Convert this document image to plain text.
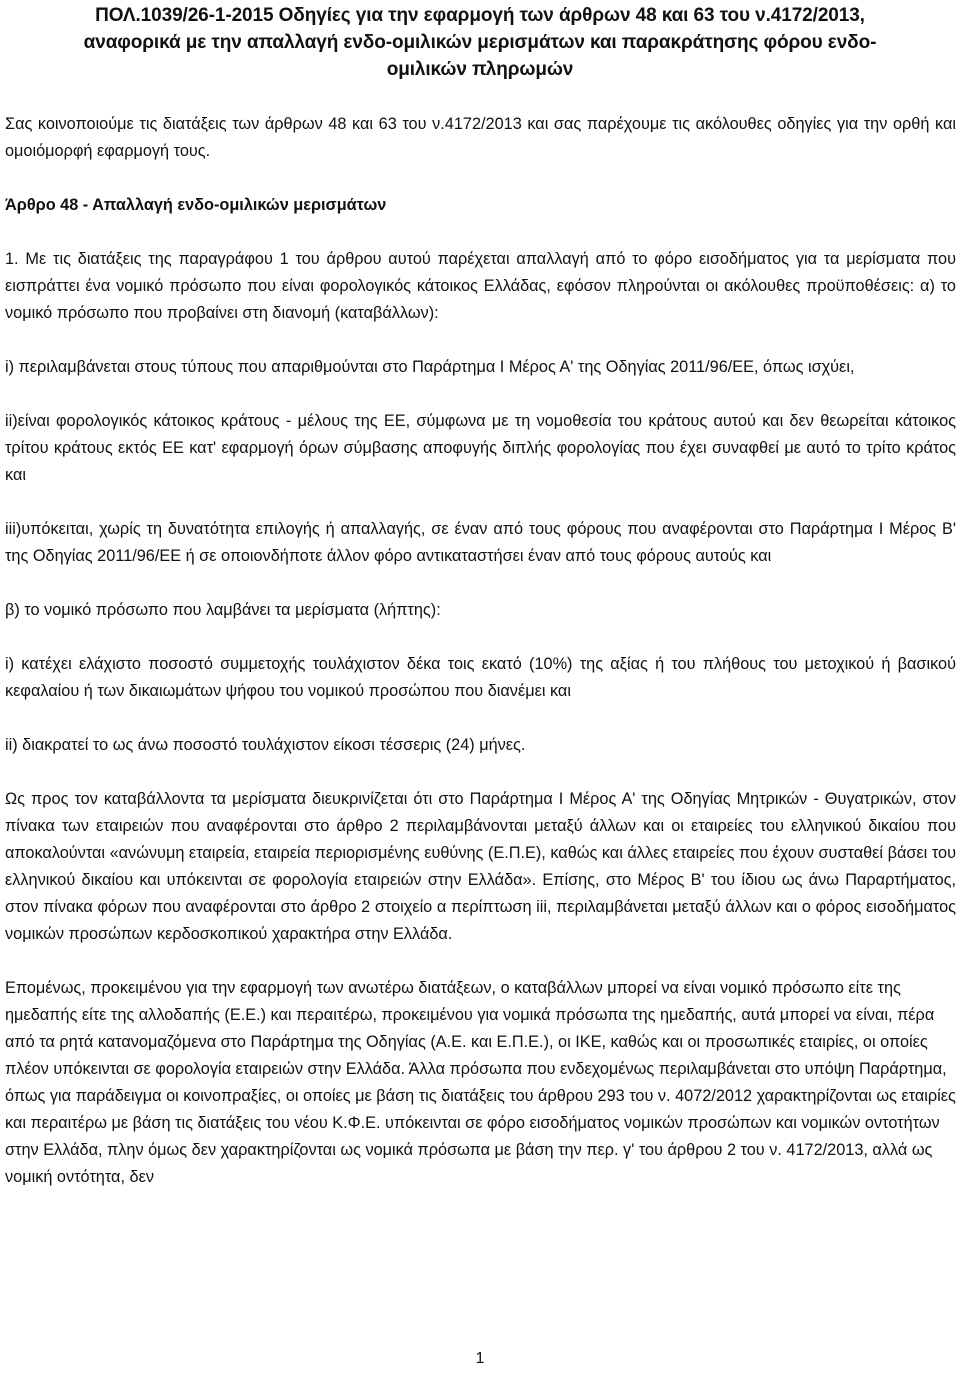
ΠΟΛ.1039/26-1-2015 Οδηγίες για την εφαρμογή των άρθρων 48 και 63 του ν.4172/2013,
αναφορικά με την απαλλαγή ενδο-ομιλικών μερισμάτων και παρακράτησης φόρου ενδο-
ομιλικών πληρωμών

Σας κοινοποιούμε τις διατάξεις των άρθρων 48 και 63 του ν.4172/2013 και σας παρέχουμε τις ακόλουθες οδηγίες για την ορθή και ομοιόμορφή εφαρμογή τους.

Άρθρο 48 - Απαλλαγή ενδο-ομιλικών μερισμάτων

1. Με τις διατάξεις της παραγράφου 1 του άρθρου αυτού παρέχεται απαλλαγή από το φόρο εισοδήματος για τα μερίσματα που εισπράττει ένα νομικό πρόσωπο που είναι φορολογικός κάτοικος Ελλάδας, εφόσον πληρούνται οι ακόλουθες προϋποθέσεις: α) το νομικό πρόσωπο που προβαίνει στη διανομή (καταβάλλων):

i) περιλαμβάνεται στους τύπους που απαριθμούνται στο Παράρτημα Ι Μέρος Α' της Οδηγίας 2011/96/ΕΕ, όπως ισχύει,

ii)είναι φορολογικός κάτοικος κράτους - μέλους της ΕΕ, σύμφωνα με τη νομοθεσία του κράτους αυτού και δεν θεωρείται κάτοικος τρίτου κράτους εκτός ΕΕ κατ' εφαρμογή όρων σύμβασης αποφυγής διπλής φορολογίας που έχει συναφθεί με αυτό το τρίτο κράτος και

iii)υπόκειται, χωρίς τη δυνατότητα επιλογής ή απαλλαγής, σε έναν από τους φόρους που αναφέρονται στο Παράρτημα Ι Μέρος Β' της Οδηγίας 2011/96/ΕΕ ή σε οποιονδήποτε άλλον φόρο αντικαταστήσει έναν από τους φόρους αυτούς και

β) το νομικό πρόσωπο που λαμβάνει τα μερίσματα (λήπτης):

i) κατέχει ελάχιστο ποσοστό συμμετοχής τουλάχιστον δέκα τοις εκατό (10%) της αξίας ή του πλήθους του μετοχικού ή βασικού κεφαλαίου ή των δικαιωμάτων ψήφου του νομικού προσώπου που διανέμει και

ii) διακρατεί το ως άνω ποσοστό τουλάχιστον είκοσι τέσσερις (24) μήνες.

Ως προς τον καταβάλλοντα τα μερίσματα διευκρινίζεται ότι στο Παράρτημα Ι Μέρος Α' της Οδηγίας Μητρικών - Θυγατρικών, στον πίνακα των εταιρειών που αναφέρονται στο άρθρο 2 περιλαμβάνονται μεταξύ άλλων και οι εταιρείες του ελληνικού δικαίου που αποκαλούνται «ανώνυμη εταιρεία, εταιρεία περιορισμένης ευθύνης (Ε.Π.Ε), καθώς και άλλες εταιρείες που έχουν συσταθεί βάσει του ελληνικού δικαίου και υπόκεινται σε φορολογία εταιρειών στην Ελλάδα». Επίσης, στο Μέρος Β' του ίδιου ως άνω Παραρτήματος, στον πίνακα φόρων που αναφέρονται στο άρθρο 2 στοιχείο α περίπτωση iii, περιλαμβάνεται μεταξύ άλλων και ο φόρος εισοδήματος νομικών προσώπων κερδοσκοπικού χαρακτήρα στην Ελλάδα.

Επομένως, προκειμένου για την εφαρμογή των ανωτέρω διατάξεων, ο καταβάλλων μπορεί να είναι νομικό πρόσωπο είτε της ημεδαπής είτε της αλλοδαπής (Ε.Ε.) και περαιτέρω, προκειμένου για νομικά πρόσωπα της ημεδαπής, αυτά μπορεί να είναι, πέρα από τα ρητά κατανομαζόμενα στο Παράρτημα της Οδηγίας (Α.Ε. και Ε.Π.Ε.), οι ΙΚΕ, καθώς και οι προσωπικές εταιρίες, οι οποίες πλέον υπόκεινται σε φορολογία εταιρειών στην Ελλάδα. Άλλα πρόσωπα που ενδεχομένως περιλαμβάνεται στο υπόψη Παράρτημα, όπως για παράδειγμα οι κοινοπραξίες, οι οποίες με βάση τις διατάξεις του άρθρου 293 του ν. 4072/2012 χαρακτηρίζονται ως εταιρίες και περαιτέρω με βάση τις διατάξεις του νέου Κ.Φ.Ε. υπόκεινται σε φόρο εισοδήματος νομικών προσώπων και νομικών οντοτήτων στην Ελλάδα, πλην όμως δεν χαρακτηρίζονται ως νομικά πρόσωπα με βάση την περ. γ' του άρθρου 2 του ν. 4172/2013, αλλά ως νομική οντότητα, δεν

1
